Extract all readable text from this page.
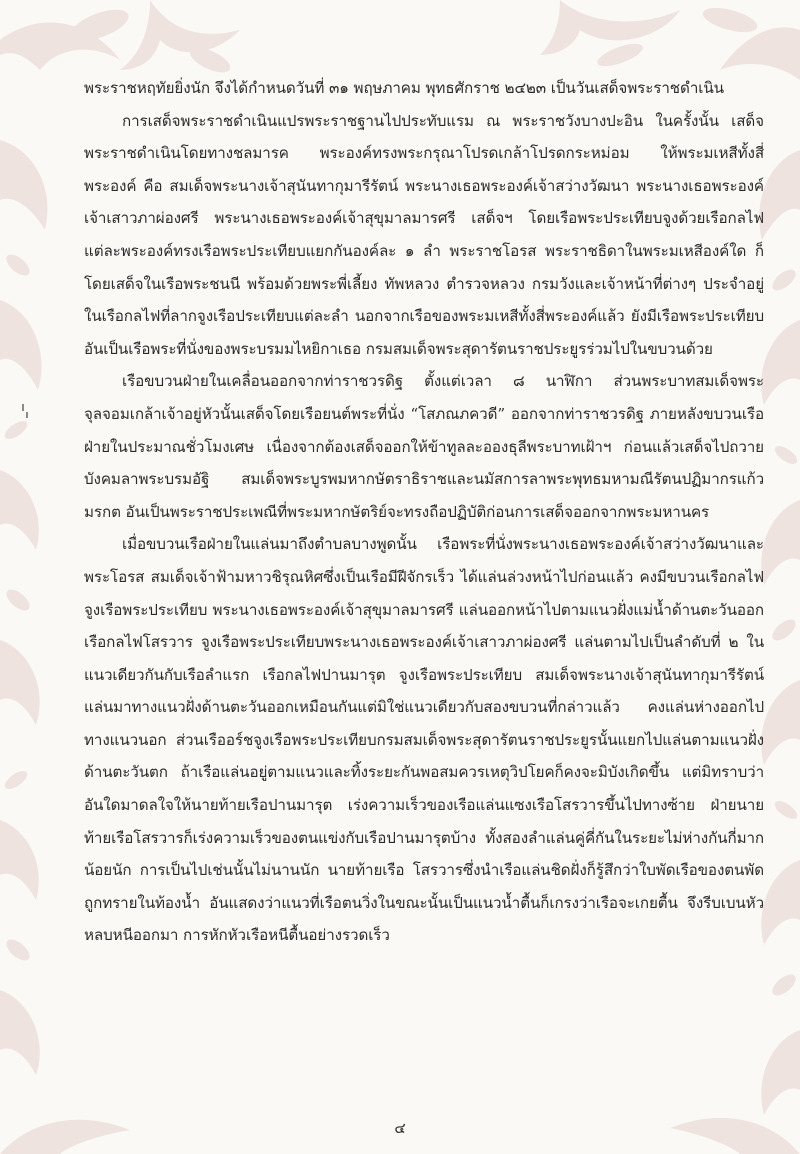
พระราชหฤทัยยิ่งนัก จึงได้กำหนดวันที่ ๓๑ พฤษภาคม พุทธศักราช ๒๔๒๓ เป็นวันเสด็จพระราชดำเนิน

การเสด็จพระราชดำเนินแปรพระราชฐานไปประทับแรม ณ พระราชวังบางปะอิน ในครั้งนั้น เสด็จพระราชดำเนินโดยทางชลมารค พระองค์ทรงพระกรุณาโปรดเกล้าโปรดกระหม่อม ให้พระมเหสีทั้งสี่พระองค์ คือ สมเด็จพระนางเจ้าสุนันทากุมารีรัตน์ พระนางเธอพระองค์เจ้าสว่างวัฒนา พระนางเธอพระองค์เจ้าเสาวภาผ่องศรี พระนางเธอพระองค์เจ้าสุขุมาลมารศรี เสด็จฯ โดยเรือพระประเทียบจูงด้วยเรือกลไฟ แต่ละพระองค์ทรงเรือพระประเทียบแยกกันองค์ละ ๑ ลำ พระราชโอรส พระราชธิดาในพระมเหสีองค์ใด ก็โดยเสด็จในเรือพระชนนี พร้อมด้วยพระพี่เลี้ยง ทัพหลวง ตำรวจหลวง กรมวังและเจ้าหน้าที่ต่างๆ ประจำอยู่ในเรือกลไฟที่ลากจูงเรือประเทียบแต่ละลำ นอกจากเรือของพระมเหสีทั้งสี่พระองค์แล้ว ยังมีเรือพระประเทียบอันเป็นเรือพระที่นั่งของพระบรมมไหยิกาเธอ กรมสมเด็จพระสุดารัตนราชประยูรร่วมไปในขบวนด้วย

เรือขบวนฝ่ายในเคลื่อนออกจากท่าราชวรดิฐ ตั้งแต่เวลา ๘ นาฬิกา ส่วนพระบาทสมเด็จพระจุลจอมเกล้าเจ้าอยู่หัวนั้นเสด็จโดยเรือยนต์พระที่นั่ง “โสภณภควดี” ออกจากท่าราชวรดิฐ ภายหลังขบวนเรือฝ่ายในประมาณชั่วโมงเศษ เนื่องจากต้องเสด็จออกให้ข้าทูลละอองธุลีพระบาทเฝ้าฯ ก่อนแล้วเสด็จไปถวายบังคมลาพระบรมอัฐิ สมเด็จพระบูรพมหากษัตราธิราชและนมัสการลาพระพุทธมหามณีรัตนปฏิมากรแก้วมรกต อันเป็นพระราชประเพณีที่พระมหากษัตริย์จะทรงถือปฏิบัติก่อนการเสด็จออกจากพระมหานคร

เมื่อขบวนเรือฝ่ายในแล่นมาถึงตำบลบางพูดนั้น เรือพระที่นั่งพระนางเธอพระองค์เจ้าสว่างวัฒนาและพระโอรส สมเด็จเจ้าฟ้ามหาวชิรุณหิศซึ่งเป็นเรือมีฝีจักรเร็ว ได้แล่นล่วงหน้าไปก่อนแล้ว คงมีขบวนเรือกลไฟจูงเรือพระประเทียบ พระนางเธอพระองค์เจ้าสุขุมาลมารศรี แล่นออกหน้าไปตามแนวฝั่งแม่น้ำด้านตะวันออก เรือกลไฟโสรวาร จูงเรือพระประเทียบพระนางเธอพระองค์เจ้าเสาวภาผ่องศรี แล่นตามไปเป็นลำดับที่ ๒ ในแนวเดียวกันกับเรือลำแรก เรือกลไฟปานมารุต จูงเรือพระประเทียบ สมเด็จพระนางเจ้าสุนันทากุมารีรัตน์ แล่นมาทางแนวฝั่งด้านตะวันออกเหมือนกันแต่มิใช่แนวเดียวกับสองขบวนที่กล่าวแล้ว คงแล่นห่างออกไปทางแนวนอก ส่วนเรืออร์ชจูงเรือพระประเทียบกรมสมเด็จพระสุดารัตนราชประยูรนั้นแยกไปแล่นตามแนวฝั่งด้านตะวันตก ถ้าเรือแล่นอยู่ตามแนวและทิ้งระยะกันพอสมควรเหตุวิปโยคก็คงจะมิบังเกิดขึ้น แต่มิทราบว่าอันใดมาดลใจให้นายท้ายเรือปานมารุต เร่งความเร็วของเรือแล่นแซงเรือโสรวารขึ้นไปทางซ้าย ฝ่ายนายท้ายเรือโสรวารก็เร่งความเร็วของตนแข่งกับเรือปานมารุตบ้าง ทั้งสองลำแล่นคู่คี่กันในระยะไม่ห่างกันกี่มากน้อยนัก การเป็นไปเช่นนั้นไม่นานนัก นายท้ายเรือ โสรวารซึ่งนำเรือแล่นชิดฝั่งก็รู้สึกว่าใบพัดเรือของตนพัดถูกทรายในท้องน้ำ อันแสดงว่าแนวที่เรือตนวิ่งในขณะนั้นเป็นแนวน้ำตื้นก็เกรงว่าเรือจะเกยตื้น จึงรีบเบนหัวหลบหนีออกมา การหักหัวเรือหนีตื้นอย่างรวดเร็ว

๔
